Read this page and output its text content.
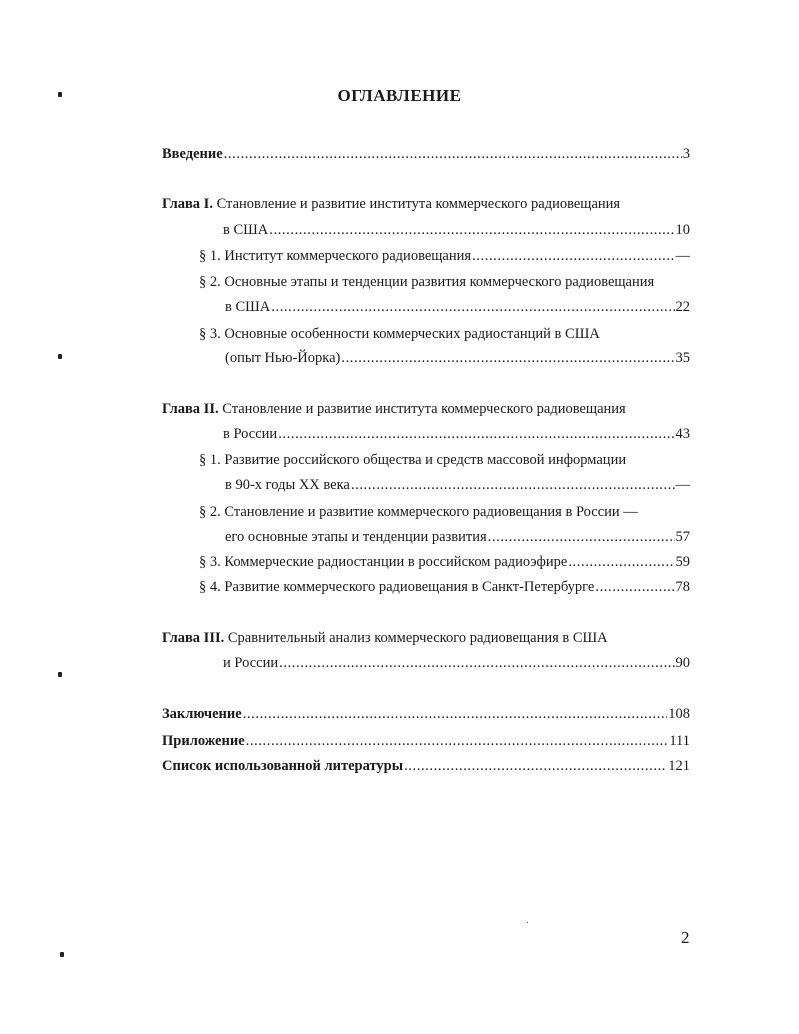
ОГЛАВЛЕНИЕ
Введение .....	3
Глава I. Становление и развитие института коммерческого радиовещания
в США .....	10
§ 1. Институт коммерческого радиовещания .....	—
§ 2. Основные этапы и тенденции развития коммерческого радиовещания
в США .....	22
§ 3. Основные особенности коммерческих радиостанций в США
(опыт Нью-Йорка) .....	35
Глава II. Становление и развитие института коммерческого радиовещания
в России .....	43
§ 1. Развитие российского общества и средств массовой информации
в 90-х годы XX века .....	—
§ 2. Становление и развитие коммерческого радиовещания в России —
его основные этапы и тенденции развития .....	57
§ 3. Коммерческие радиостанции в российском радиоэфире .....	59
§ 4. Развитие коммерческого радиовещания в Санкт-Петербурге .....	78
Глава III. Сравнительный анализ коммерческого радиовещания в США
и России .....	90
Заключение .....	108
Приложение .....	111
Список использованной литературы .....	121
2
